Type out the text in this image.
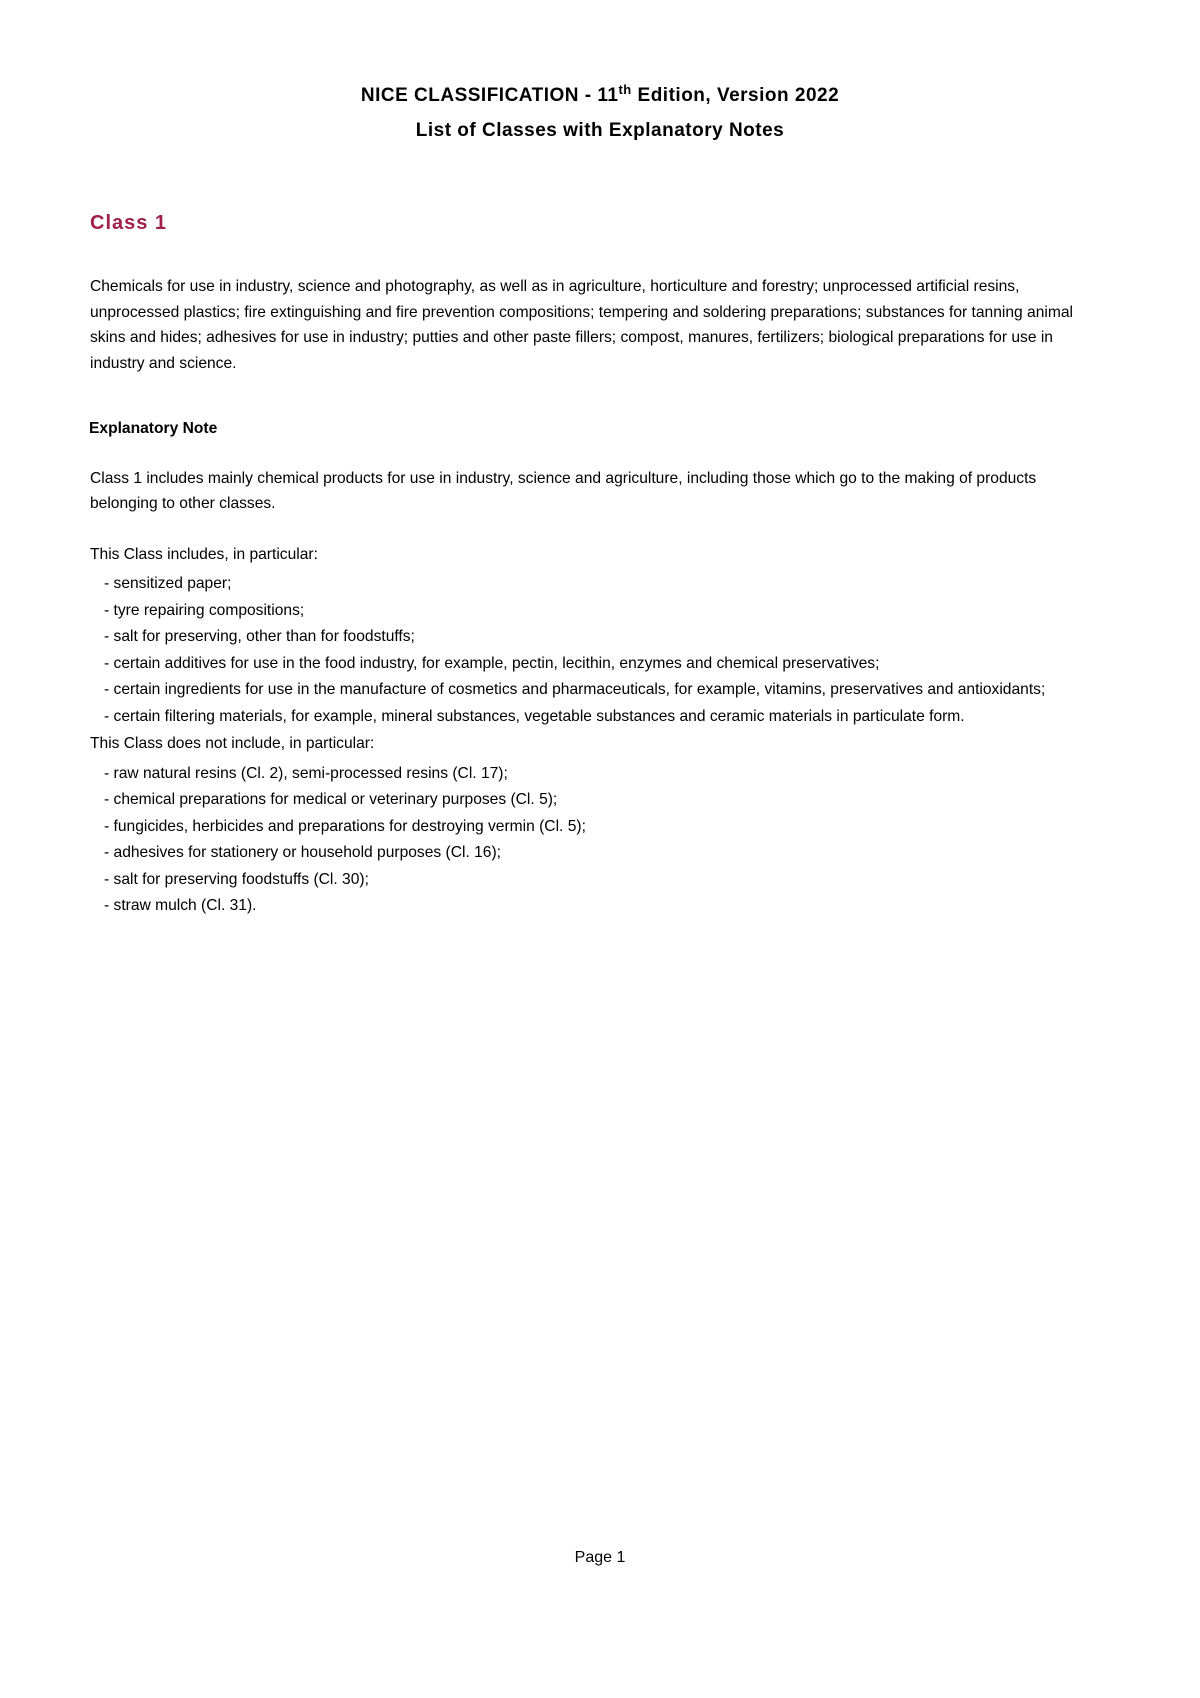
NICE CLASSIFICATION - 11th Edition, Version 2022

List of Classes with Explanatory Notes

Class 1

Chemicals for use in industry, science and photography, as well as in agriculture, horticulture and forestry; unprocessed artificial resins, unprocessed plastics; fire extinguishing and fire prevention compositions; tempering and soldering preparations; substances for tanning animal skins and hides; adhesives for use in industry; putties and other paste fillers; compost, manures, fertilizers; biological preparations for use in industry and science.

Explanatory Note

Class 1 includes mainly chemical products for use in industry, science and agriculture, including those which go to the making of products belonging to other classes.

This Class includes, in particular:

- sensitized paper;
- tyre repairing compositions;
- salt for preserving, other than for foodstuffs;
- certain additives for use in the food industry, for example, pectin, lecithin, enzymes and chemical preservatives;
- certain ingredients for use in the manufacture of cosmetics and pharmaceuticals, for example, vitamins, preservatives and antioxidants;
- certain filtering materials, for example, mineral substances, vegetable substances and ceramic materials in particulate form.

This Class does not include, in particular:

- raw natural resins (Cl. 2), semi-processed resins (Cl. 17);
- chemical preparations for medical or veterinary purposes (Cl. 5);
- fungicides, herbicides and preparations for destroying vermin (Cl. 5);
- adhesives for stationery or household purposes (Cl. 16);
- salt for preserving foodstuffs (Cl. 30);
- straw mulch (Cl. 31).
Page 1
